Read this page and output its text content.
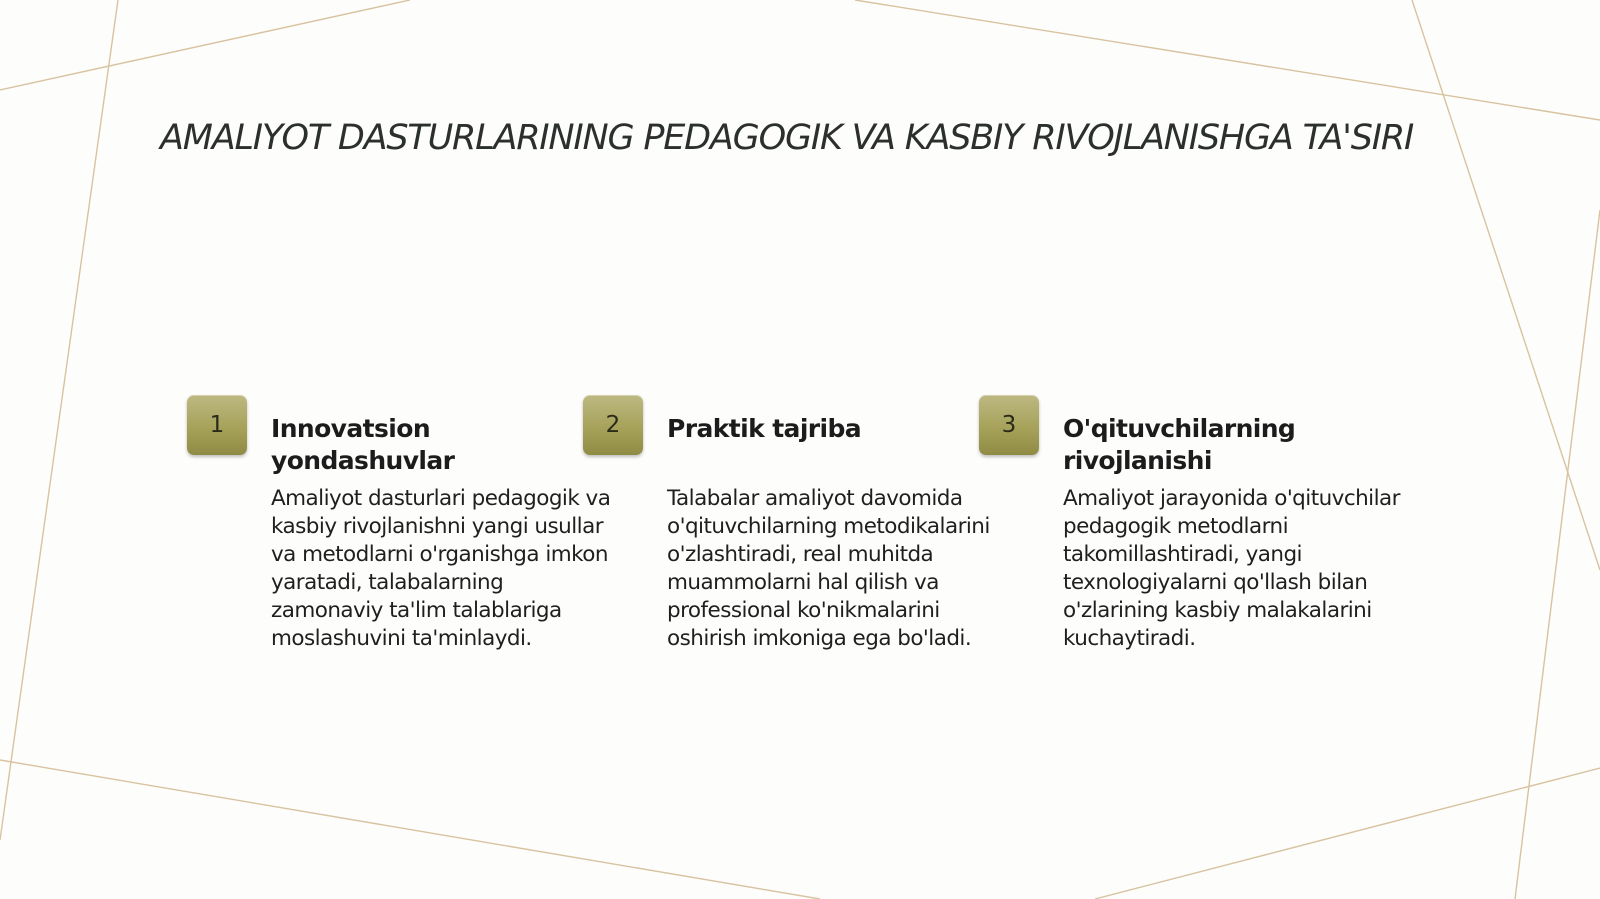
AMALIYOT DASTURLARINING PEDAGOGIK VA KASBIY RIVOJLANISHGA TA'SIRI
1	Innovatsion yondashuvlar

Amaliyot dasturlari pedagogik va kasbiy rivojlanishni yangi usullar va metodlarni o'rganishga imkon yaratadi, talabalarning zamonaviy ta'lim talablariga moslashuvini ta'minlaydi.

2	Praktik tajriba

Talabalar amaliyot davomida o'qituvchilarning metodikalarini o'zlashtiradi, real muhitda muammolarni hal qilish va professional ko'nikmalarini oshirish imkoniga ega bo'ladi.

3	O'qituvchilarning rivojlanishi

Amaliyot jarayonida o'qituvchilar pedagogik metodlarni takomillashtiradi, yangi texnologiyalarni qo'llash bilan o'zlarining kasbiy malakalarini kuchaytiradi.
